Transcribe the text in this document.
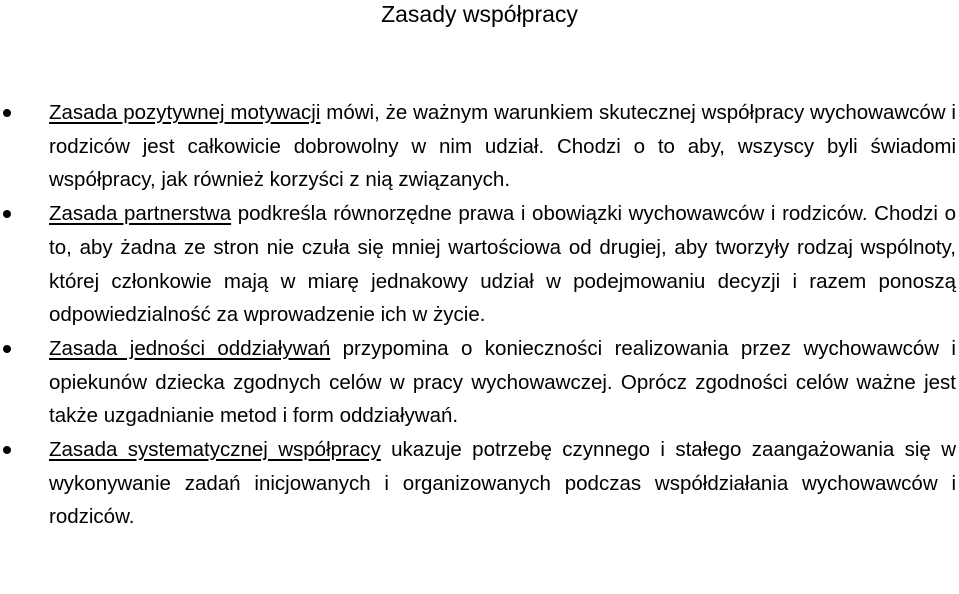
Zasady współpracy
Zasada pozytywnej motywacji mówi, że ważnym warunkiem skutecznej współpracy wychowawców i rodziców jest całkowicie dobrowolny w nim udział. Chodzi o to aby, wszyscy byli świadomi współpracy, jak również korzyści z nią związanych.
Zasada partnerstwa podkreśla równorzędne prawa i obowiązki wychowawców i rodziców. Chodzi o to, aby żadna ze stron nie czuła się mniej wartościowa od drugiej, aby tworzyły rodzaj wspólnoty, której członkowie mają w miarę jednakowy udział w podejmowaniu decyzji i razem ponoszą odpowiedzialność za wprowadzenie ich w życie.
Zasada jedności oddziaływań przypomina o konieczności realizowania przez wychowawców i opiekunów dziecka zgodnych celów w pracy wychowawczej. Oprócz zgodności celów ważne jest także uzgadnianie metod i form oddziaływań.
Zasada systematycznej współpracy ukazuje potrzebę czynnego i stałego zaangażowania się w wykonywanie zadań inicjowanych i organizowanych podczas współdziałania wychowawców i rodziców.
